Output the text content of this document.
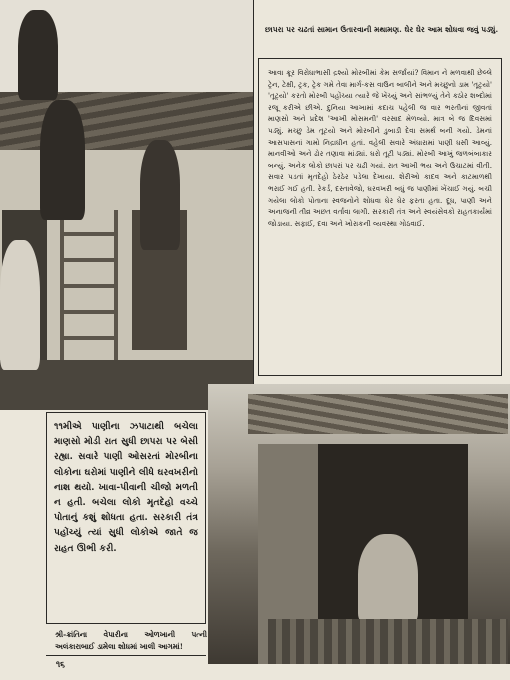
છાપરા પર ચઢતાં સામાન ઉતારવાની મથામણ. ઘેર ઘેર આમ શોધવા જવું પડ્યું.
આવા ક્રૂર વિરોધાભાસી દ્રશ્યો મોરબીમાં કેમ સર્જાયાં? વિમાન ને મળવાથી છેલ્લે ટ્રેન, ટેક્ષી, ટ્રક, ટ્રેક ગમે તેવા માર્ગ-કસ વાઉન બાલીને અને મચ્છુનો ડામ 'તૂટ્યો' 'તૂટ્યો' કરતો મોરબી પહોંચ્યા ત્યારે જે ખેંચ્યું અને સાંભળ્યું તેને કઠોર શબ્દોમાં રજૂ કરીએ છીએ. દુનિયા આખામાં કદાચ પહેલી જ વાર ભરતીનાં જીવતાં માણસો અને પ્રદેશ 'આખી મોસમની' વરસાદ મેળવ્યો. માત્ર બે જ દિવસમાં પડ્યું. મચ્છુ ડેમ તૂટયો અને મોરબીને ડુબાડી દેવા સમર્થ બની ગયો. ડેમનાં આસપાસનાં ગામો નિદ્રાધીન હતાં. વહેલી સવારે અંધારામાં પાણી ધસી આવ્યું. માનવીઓ અને ઢોર તણાવા માંડ્યાં. ઘરો તૂટી પડ્યાં. મોરબી આખું જળબંબાકાર બન્યું. અનેક લોકો છાપરાં પર ચઢી ગયાં. રાત આખી ભય અને ઉચાટમાં વીતી. સવાર પડતાં મૃતદેહો ઠેરઠેર પડેલા દેખાયા. શેરીઓ કાદવ અને કાટમાળથી ભરાઈ ગઈ હતી. રેકર્ડ, દસ્તાવેજો, ઘરવખરી બધું જ પાણીમાં ખેંચાઈ ગયું. બચી ગયેલા લોકો પોતાના સ્વજનોને શોધવા ઘેર ઘેર ફરતા હતા. દૂધ, પાણી અને અનાજની તીવ્ર અછત વર્તાવા લાગી. સરકારી તંત્ર અને સ્વયંસેવકો રાહતકાર્યમાં જોડાયા. સફાઈ, દવા અને ખોરાકની વ્યવસ્થા ગોઠવાઈ.
૧૧મીએ પાણીના ઝપાટાથી બચેલા માણસો મોડી રાત સુધી છાપરા પર બેસી રહ્યા. સવારે પાણી ઓસરતાં મોરબીના લોકોના ઘરોમાં પાણીને લીધે ઘરવખરીનો નાશ થયો. ખાવા-પીવાની ચીજો મળતી ન હતી. બચેલા લોકો મૃતદેહો વચ્ચે પોતાનું કશું શોધતા હતા. સરકારી તંત્ર પહોંચ્યું ત્યાં સુધી લોકોએ જાતે જ રાહત ઊભી કરી.
શ્રી-ક્રાંતિના વેપારીના ઓળખાની પત્ની અલંકારાબાઈ ડામેલા શોધમાં ખાલી આગમાં!
૧૬
